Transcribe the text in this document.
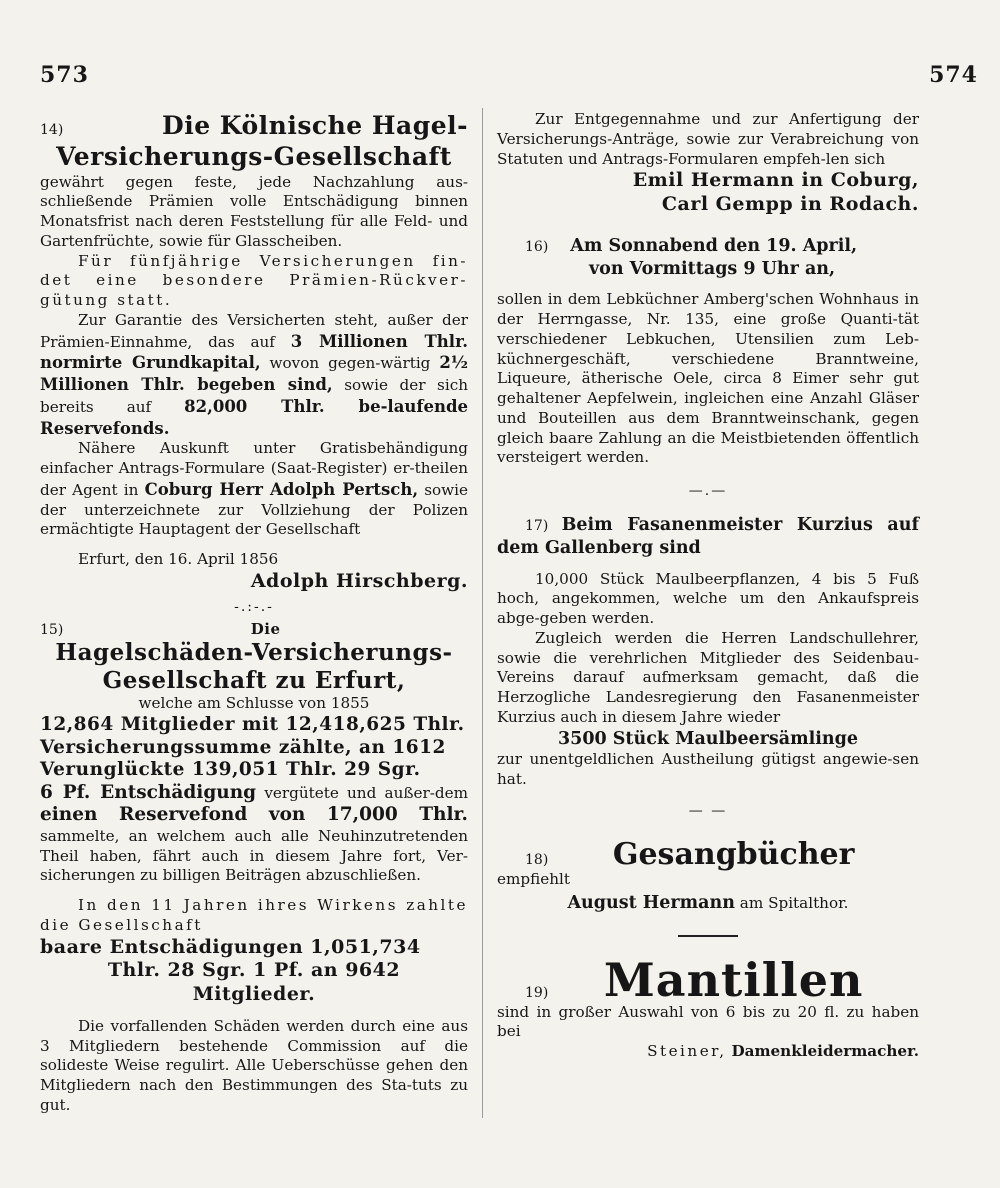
573	574
14)	Die Kölnische Hagel-

Versicherungs-Gesellschaft

gewährt gegen feste, jede Nachzahlung aus-schließende Prämien volle Entschädigung binnen Monatsfrist nach deren Feststellung für alle Feld- und Gartenfrüchte, sowie für Glasscheiben.

Für fünfjährige Versicherungen fin-det eine besondere Prämien-Rückver-gütung statt.

Zur Garantie des Versicherten steht, außer der Prämien-Einnahme, das auf 3 Millionen Thlr. normirte Grundkapital, wovon gegen-wärtig 2½ Millionen Thlr. begeben sind, sowie der sich bereits auf 82,000 Thlr. be-laufende Reservefonds.

Nähere Auskunft unter Gratisbehändigung einfacher Antrags-Formulare (Saat-Register) er-theilen der Agent in Coburg Herr Adolph Pertsch, sowie der unterzeichnete zur Vollziehung der Polizen ermächtigte Hauptagent der Gesellschaft

Erfurt, den 16. April 1856

Adolph Hirschberg.

-.:-.-

15)	Die

Hagelschäden-Versicherungs-

Gesellschaft zu Erfurt,

welche am Schlusse von 1855

12,864 Mitglieder mit 12,418,625 Thlr.

Versicherungssumme zählte, an 1612

Verunglückte 139,051 Thlr. 29 Sgr.

6 Pf. Entschädigung vergütete und außer-dem einen Reservefond von 17,000 Thlr. sammelte, an welchem auch alle Neuhinzutretenden Theil haben, fährt auch in diesem Jahre fort, Ver-sicherungen zu billigen Beiträgen abzuschließen.

In den 11 Jahren ihres Wirkens zahlte die Gesellschaft

baare Entschädigungen 1,051,734

Thlr. 28 Sgr. 1 Pf. an 9642

Mitglieder.

Die vorfallenden Schäden werden durch eine aus 3 Mitgliedern bestehende Commission auf die solideste Weise regulirt. Alle Ueberschüsse gehen den Mitgliedern nach den Bestimmungen des Sta-tuts zu gut.

Zur Entgegennahme und zur Anfertigung der Versicherungs-Anträge, sowie zur Verabreichung von Statuten und Antrags-Formularen empfeh-len sich

Emil Hermann in Coburg,

Carl Gempp in Rodach.

16) Am Sonnabend den 19. April,

von Vormittags 9 Uhr an,

sollen in dem Lebküchner Amberg'schen Wohnhaus in der Herrngasse, Nr. 135, eine große Quanti-tät verschiedener Lebkuchen, Utensilien zum Leb-küchnergeschäft, verschiedene Branntweine, Liqueure, ätherische Oele, circa 8 Eimer sehr gut gehaltener Aepfelwein, ingleichen eine Anzahl Gläser und Bouteillen aus dem Branntweinschank, gegen gleich baare Zahlung an die Meistbietenden öffentlich versteigert werden.

—.—

17) Beim Fasanenmeister Kurzius auf dem Gallenberg sind

10,000 Stück Maulbeerpflanzen, 4 bis 5 Fuß hoch, angekommen, welche um den Ankaufspreis abge-geben werden.

Zugleich werden die Herren Landschullehrer, sowie die verehrlichen Mitglieder des Seidenbau-Vereins darauf aufmerksam gemacht, daß die Herzogliche Landesregierung den Fasanenmeister Kurzius auch in diesem Jahre wieder

3500 Stück Maulbeersämlinge

zur unentgeldlichen Austheilung gütigst angewie-sen hat.

— —

18)	Gesangbücher

empfiehlt

August Hermann am Spitalthor.

19)	Mantillen

sind in großer Auswahl von 6 bis zu 20 fl. zu haben bei

Steiner, Damenkleidermacher.
